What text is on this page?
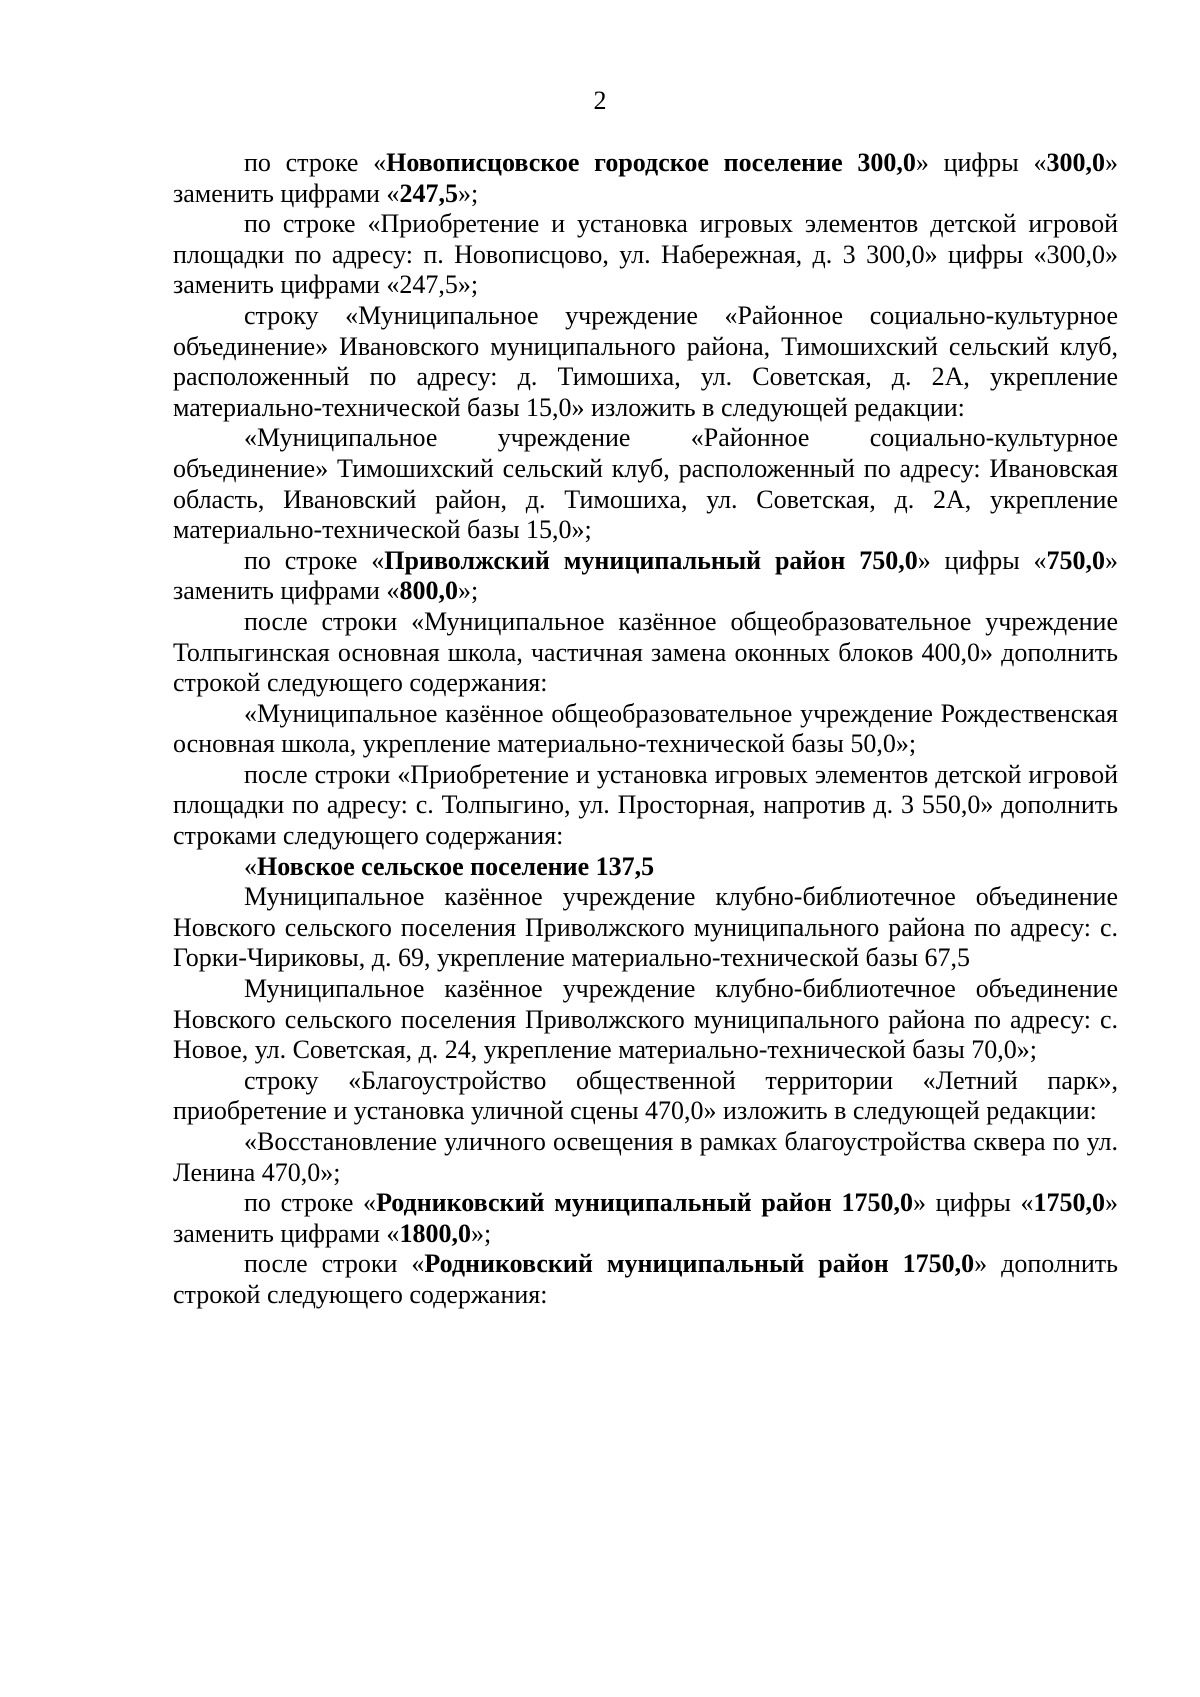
2

по строке «Новописцовское городское поселение 300,0» цифры «300,0» заменить цифрами «247,5»;

по строке «Приобретение и установка игровых элементов детской игровой площадки по адресу: п. Новописцово, ул. Набережная, д. 3 300,0» цифры «300,0» заменить цифрами «247,5»;

строку «Муниципальное учреждение «Районное социально-культурное объединение» Ивановского муниципального района, Тимошихский сельский клуб, расположенный по адресу: д. Тимошиха, ул. Советская, д. 2А, укрепление материально-технической базы 15,0» изложить в следующей редакции:

«Муниципальное учреждение «Районное социально-культурное объединение» Тимошихский сельский клуб, расположенный по адресу: Ивановская область, Ивановский район, д. Тимошиха, ул. Советская, д. 2А, укрепление материально-технической базы 15,0»;

по строке «Приволжский муниципальный район 750,0» цифры «750,0» заменить цифрами «800,0»;

после строки «Муниципальное казённое общеобразовательное учреждение Толпыгинская основная школа, частичная замена оконных блоков 400,0» дополнить строкой следующего содержания:

«Муниципальное казённое общеобразовательное учреждение Рождественская основная школа, укрепление материально-технической базы 50,0»;

после строки «Приобретение и установка игровых элементов детской игровой площадки по адресу: с. Толпыгино, ул. Просторная, напротив д. 3 550,0» дополнить строками следующего содержания:

«Новское сельское поселение 137,5

Муниципальное казённое учреждение клубно-библиотечное объединение Новского сельского поселения Приволжского муниципального района по адресу: с. Горки-Чириковы, д. 69, укрепление материально-технической базы 67,5

Муниципальное казённое учреждение клубно-библиотечное объединение Новского сельского поселения Приволжского муниципального района по адресу: с. Новое, ул. Советская, д. 24, укрепление материально-технической базы 70,0»;

строку «Благоустройство общественной территории «Летний парк», приобретение и установка уличной сцены 470,0» изложить в следующей редакции:

«Восстановление уличного освещения в рамках благоустройства сквера по ул. Ленина 470,0»;

по строке «Родниковский муниципальный район 1750,0» цифры «1750,0» заменить цифрами «1800,0»;

после строки «Родниковский муниципальный район 1750,0» дополнить строкой следующего содержания:
